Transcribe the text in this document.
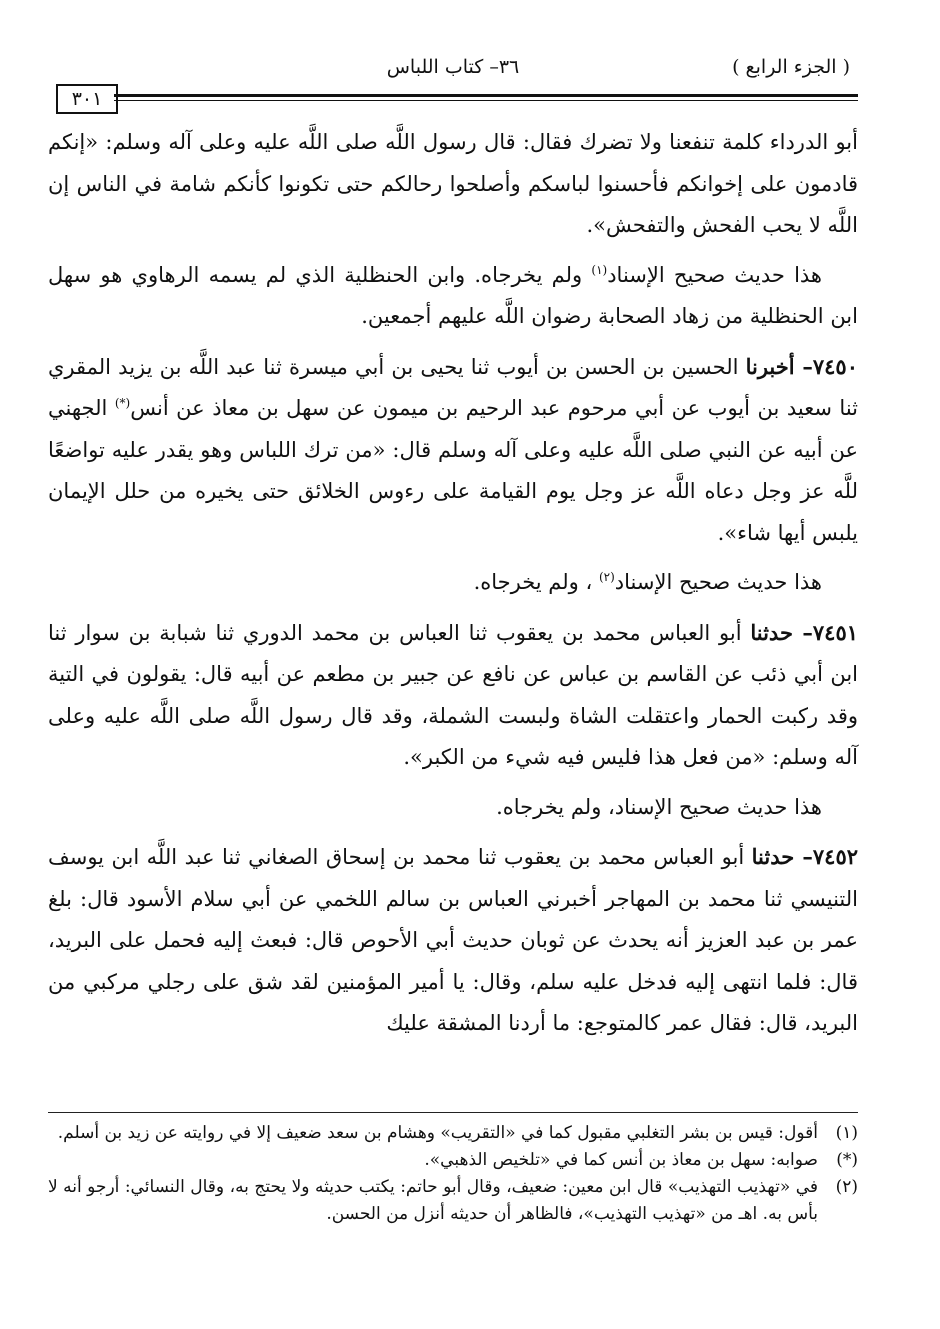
( الجزء الرابع )
٣٦– كتاب اللباس
٣٠١

أبو الدرداء كلمة تنفعنا ولا تضرك فقال: قال رسول اللَّه صلى اللَّه عليه وعلى آله وسلم: «إنكم قادمون على إخوانكم فأحسنوا لباسكم وأصلحوا رحالكم حتى تكونوا كأنكم شامة في الناس إن اللَّه لا يحب الفحش والتفحش».

هذا حديث صحيح الإسناد$^{(١)}$ ولم يخرجاه. وابن الحنظلية الذي لم يسمه الرهاوي هو سهل ابن الحنظلية من زهاد الصحابة رضوان اللَّه عليهم أجمعين.

٧٤٥٠– أخبرنا الحسين بن الحسن بن أيوب ثنا يحيى بن أبي ميسرة ثنا عبد اللَّه بن يزيد المقري ثنا سعيد بن أيوب عن أبي مرحوم عبد الرحيم بن ميمون عن سهل بن معاذ عن أنس(*) الجهني عن أبيه عن النبي صلى اللَّه عليه وعلى آله وسلم قال: «من ترك اللباس وهو يقدر عليه تواضعًا للَّه عز وجل دعاه اللَّه عز وجل يوم القيامة على رءوس الخلائق حتى يخيره من حلل الإيمان يلبس أيها شاء».

هذا حديث صحيح الإسناد$^{(٢)}$ ، ولم يخرجاه.

٧٤٥١– حدثنا أبو العباس محمد بن يعقوب ثنا العباس بن محمد الدوري ثنا شبابة بن سوار ثنا ابن أبي ذئب عن القاسم بن عباس عن نافع عن جبير بن مطعم عن أبيه قال: يقولون في التية وقد ركبت الحمار واعتقلت الشاة ولبست الشملة، وقد قال رسول اللَّه صلى اللَّه عليه وعلى آله وسلم: «من فعل هذا فليس فيه شيء من الكبر».

هذا حديث صحيح الإسناد، ولم يخرجاه.

٧٤٥٢– حدثنا أبو العباس محمد بن يعقوب ثنا محمد بن إسحاق الصغاني ثنا عبد اللَّه ابن يوسف التنيسي ثنا محمد بن المهاجر أخبرني العباس بن سالم اللخمي عن أبي سلام الأسود قال: بلغ عمر بن عبد العزيز أنه يحدث عن ثوبان حديث أبي الأحوص قال: فبعث إليه فحمل على البريد، قال: فلما انتهى إليه فدخل عليه سلم، وقال: يا أمير المؤمنين لقد شق على رجلي مركبي من البريد، قال: فقال عمر كالمتوجع: ما أردنا المشقة عليك

(١)
أقول: قيس بن بشر التغلبي مقبول كما في «التقريب» وهشام بن سعد ضعيف إلا في روايته عن زيد بن أسلم.
(*)
صوابه: سهل بن معاذ بن أنس كما في «تلخيص الذهبي».
(٢)
في «تهذيب التهذيب» قال ابن معين: ضعيف، وقال أبو حاتم: يكتب حديثه ولا يحتج به، وقال النسائي: أرجو أنه لا بأس به. اهـ من «تهذيب التهذيب»، فالظاهر أن حديثه أنزل من الحسن.
